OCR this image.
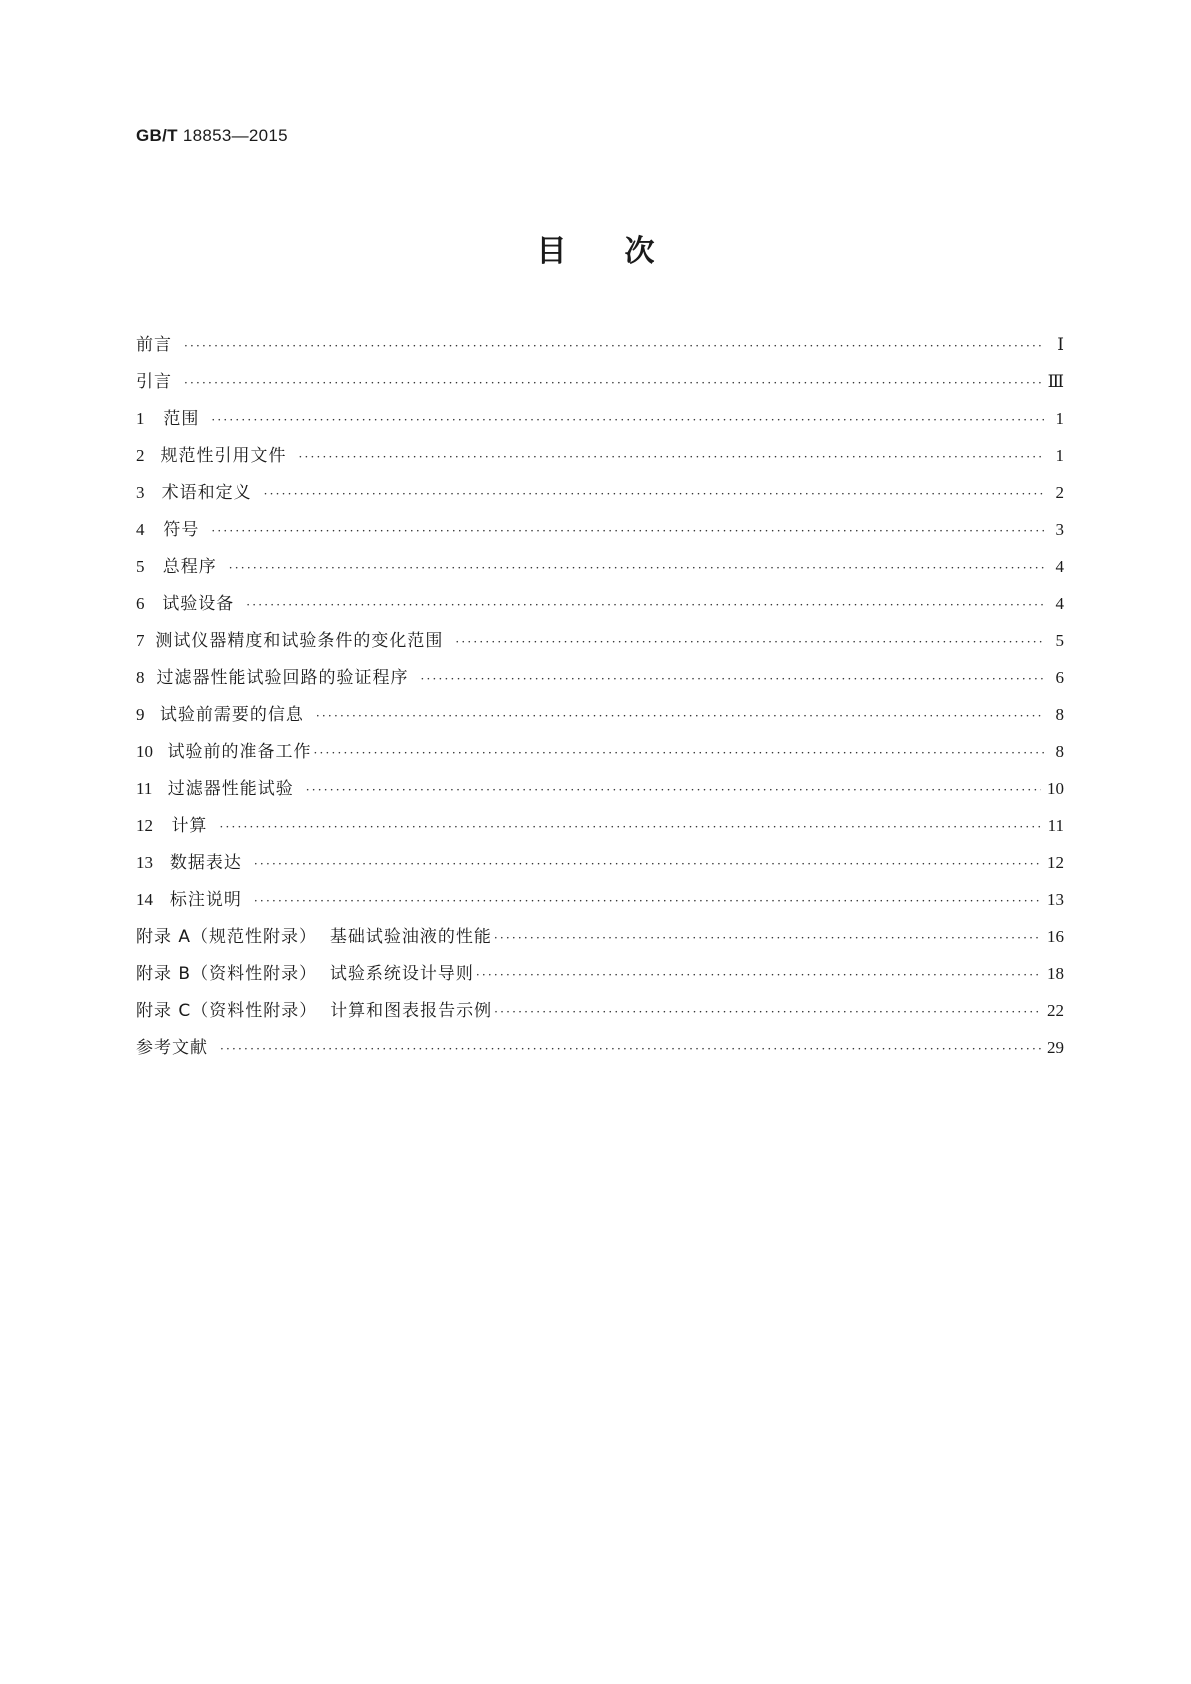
GB/T 18853—2015
目 次
前言 ·····	Ⅰ
引言 ·····	Ⅲ
1	范围 ·····	1
2 规范性引用文件 ·····	1
3	术语和定义 ·····	2
4	符号 ·····	3
5	总程序 ·····	4
6	试验设备 ·····	4
7 测试仪器精度和试验条件的变化范围 ·····	5
8 过滤器性能试验回路的验证程序 ·····	6
9 试验前需要的信息 ·····	8
10 试验前的准备工作 ·····	8
11 过滤器性能试验 ·····	10
12	计算 ·····	11
13 数据表达 ·····	12
14 标注说明 ·····	13
附录 A（规范性附录）  基础试验油液的性能 ·····	16
附录 B（资料性附录）  试验系统设计导则 ·····	18
附录 C（资料性附录）  计算和图表报告示例 ·····	22
参考文献 ·····	29
